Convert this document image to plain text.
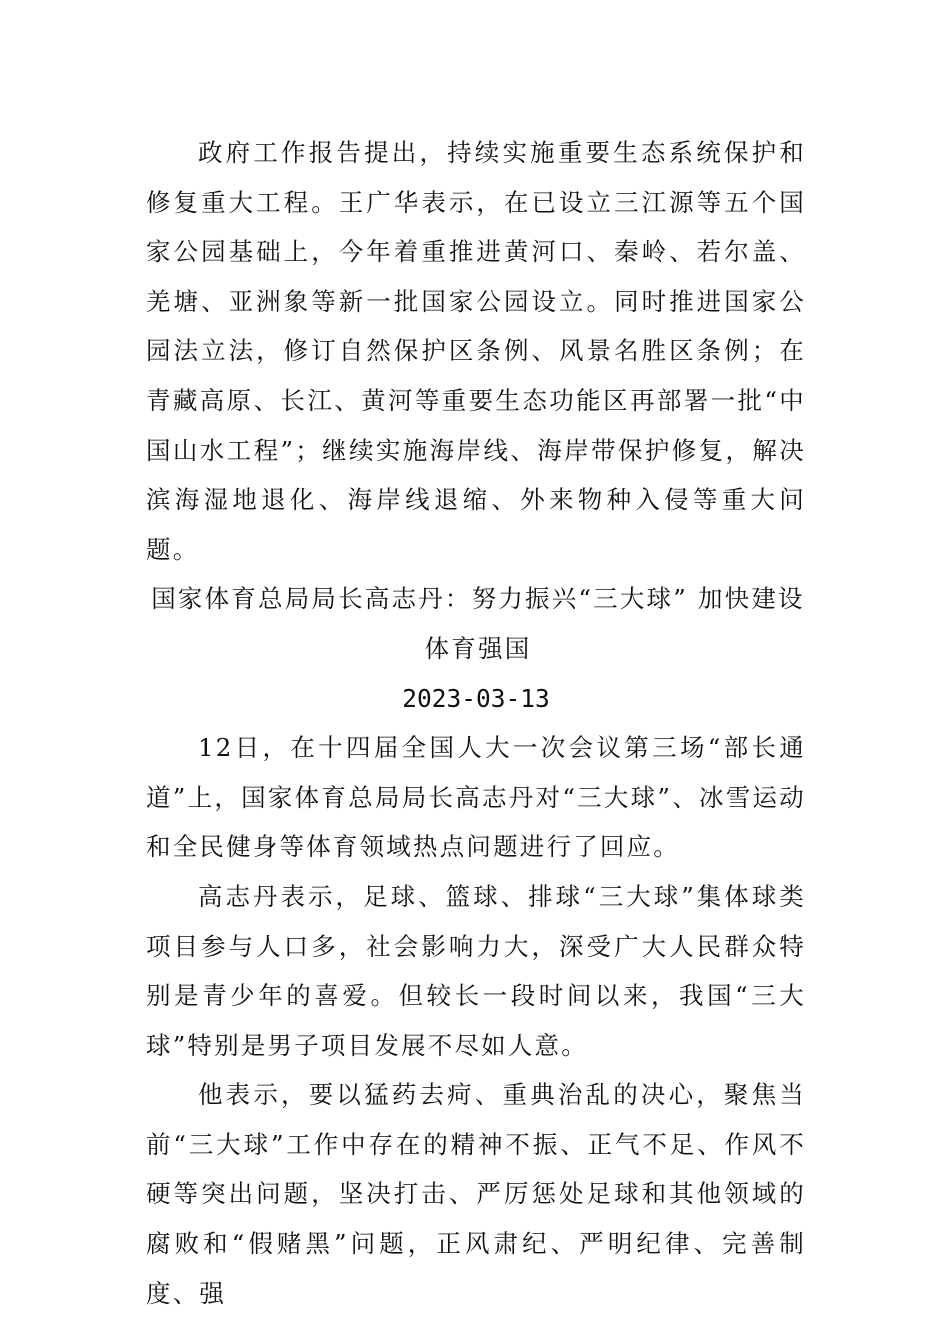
政府工作报告提出，持续实施重要生态系统保护和修复重大工程。王广华表示，在已设立三江源等五个国家公园基础上，今年着重推进黄河口、秦岭、若尔盖、羌塘、亚洲象等新一批国家公园设立。同时推进国家公园法立法，修订自然保护区条例、风景名胜区条例；在青藏高原、长江、黄河等重要生态功能区再部署一批“中国山水工程”；继续实施海岸线、海岸带保护修复，解决滨海湿地退化、海岸线退缩、外来物种入侵等重大问题。

国家体育总局局长高志丹：努力振兴“三大球” 加快建设体育强国
2023-03-13

12日，在十四届全国人大一次会议第三场“部长通道”上，国家体育总局局长高志丹对“三大球”、冰雪运动和全民健身等体育领域热点问题进行了回应。

高志丹表示，足球、篮球、排球“三大球”集体球类项目参与人口多，社会影响力大，深受广大人民群众特别是青少年的喜爱。但较长一段时间以来，我国“三大球”特别是男子项目发展不尽如人意。

他表示，要以猛药去疴、重典治乱的决心，聚焦当前“三大球”工作中存在的精神不振、正气不足、作风不硬等突出问题，坚决打击、严厉惩处足球和其他领域的腐败和“假赌黑”问题，正风肃纪、严明纪律、完善制度、强
